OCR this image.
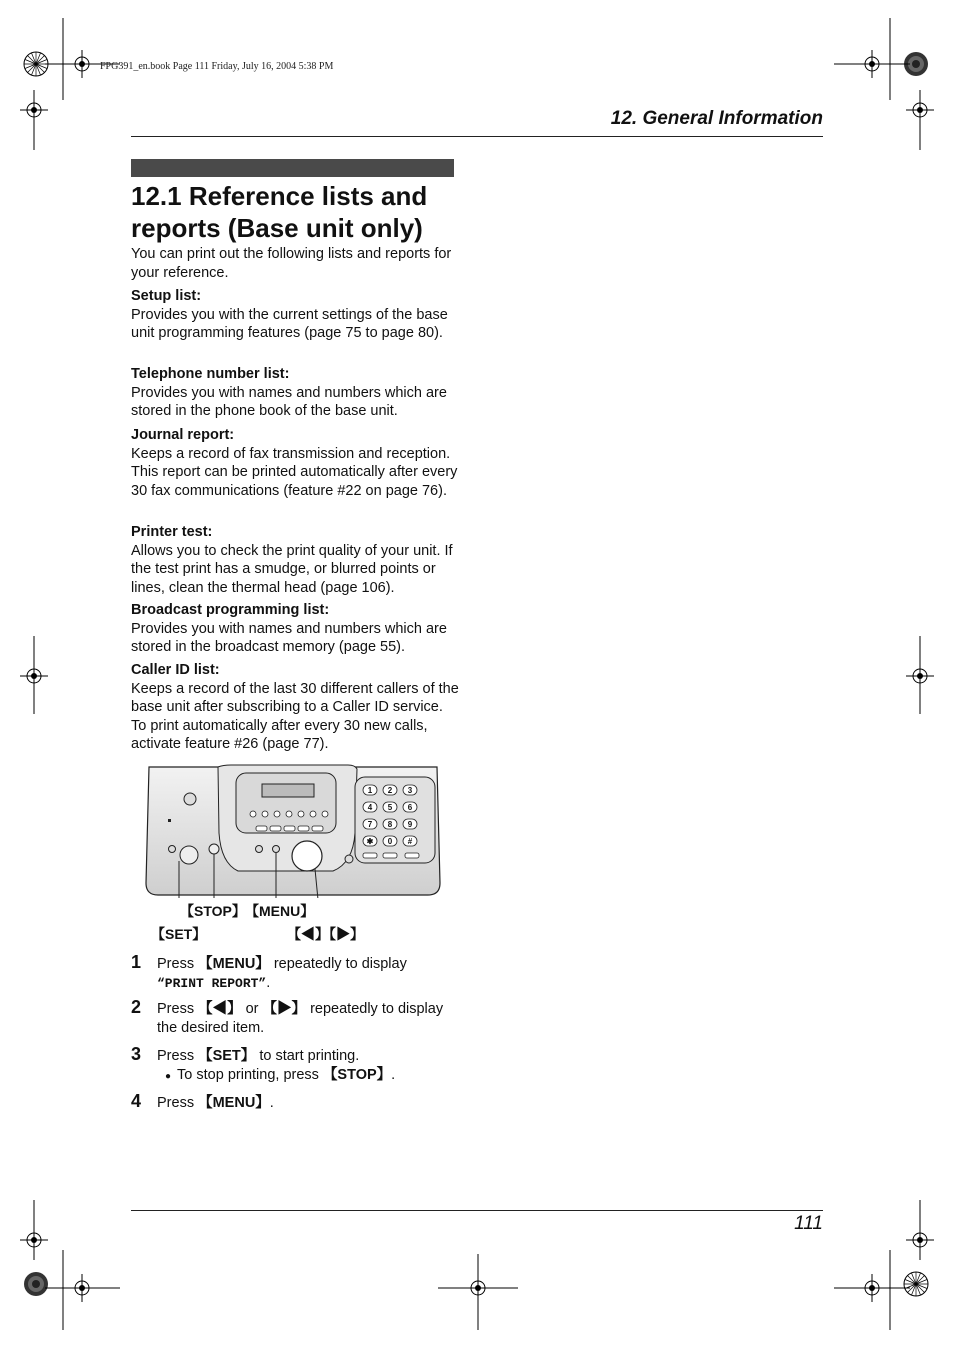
FPG391_en.book Page 111 Friday, July 16, 2004 5:38 PM
12. General Information
12.1 Reference lists and reports (Base unit only)
You can print out the following lists and reports for your reference.
Setup list:
Provides you with the current settings of the base unit programming features (page 75 to page 80).
Telephone number list:
Provides you with names and numbers which are stored in the phone book of the base unit.
Journal report:
Keeps a record of fax transmission and reception. This report can be printed automatically after every 30 fax communications (feature #22 on page 76).
Printer test:
Allows you to check the print quality of your unit. If the test print has a smudge, or blurred points or lines, clean the thermal head (page 106).
Broadcast programming list:
Provides you with names and numbers which are stored in the broadcast memory (page 55).
Caller ID list:
Keeps a record of the last 30 different callers of the base unit after subscribing to a Caller ID service. To print automatically after every 30 new calls, activate feature #26 (page 77).
1 2 3
4 5 6
7 8 9
✱ 0 #
【STOP】 【MENU】
【SET】	【◀】【▶】
1 Press 【MENU】 repeatedly to display “PRINT REPORT”.
2 Press 【◀】 or 【▶】 repeatedly to display the desired item.
3 Press 【SET】 to start printing.
● To stop printing, press 【STOP】.
4 Press 【MENU】.
111
